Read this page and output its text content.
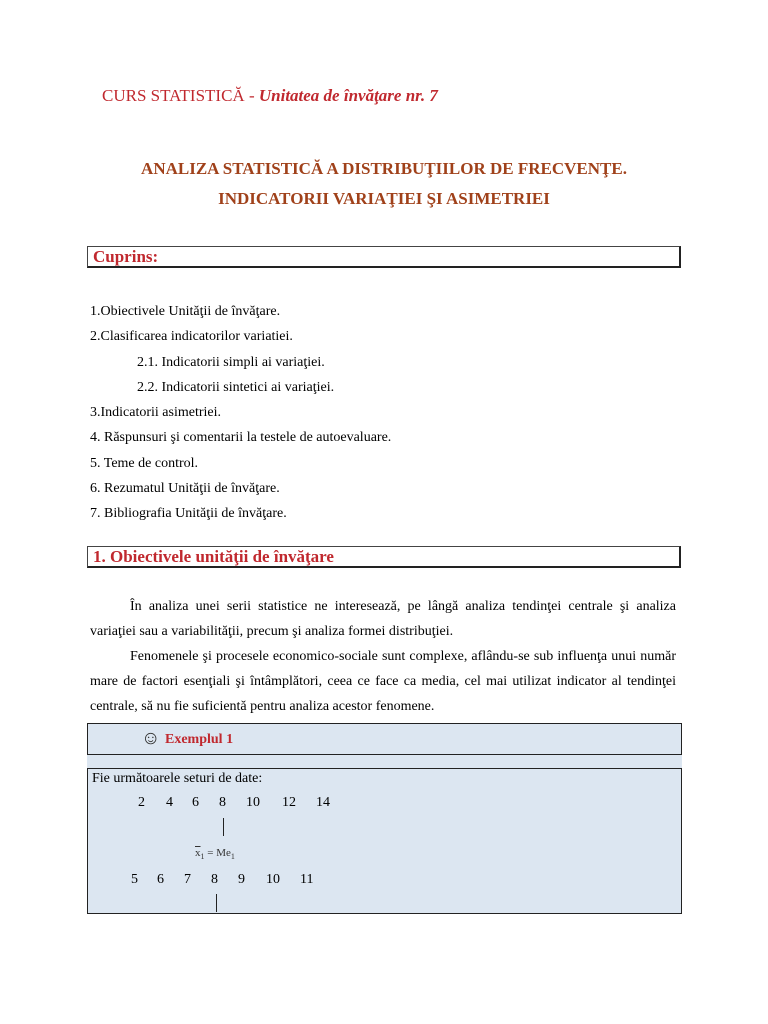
CURS STATISTICĂ - Unitatea de învăţare nr. 7
ANALIZA STATISTICĂ A DISTRIBUŢIILOR DE FRECVENŢE.
INDICATORII VARIAŢIEI ŞI ASIMETRIEI
Cuprins:
1.Obiectivele Unităţii de învăţare.
2.Clasificarea indicatorilor variatiei.
2.1. Indicatorii simpli ai variaţiei.
2.2. Indicatorii sintetici ai variaţiei.
3.Indicatorii asimetriei.
4. Răspunsuri şi comentarii la testele de autoevaluare.
5. Teme de control.
6. Rezumatul Unităţii de învăţare.
7. Bibliografia Unităţii de învăţare.
1. Obiectivele unităţii de învăţare

În analiza unei serii statistice ne interesează, pe lângă analiza tendinţei centrale şi analiza variaţiei sau a variabilităţii, precum şi analiza formei distribuţiei.

Fenomenele şi procesele economico-sociale sunt complexe, aflându-se sub influenţa unui număr mare de factori esenţiali şi întâmplători, ceea ce face ca media, cel mai utilizat indicator al tendinţei centrale, să nu fie suficientă pentru analiza acestor fenomene.

☺ Exemplul 1
Fie următoarele seturi de date:
2 4 6 8 10 12 14
$\overline{x}_1 = Me_1$
5 6 7 8 9 10 11
